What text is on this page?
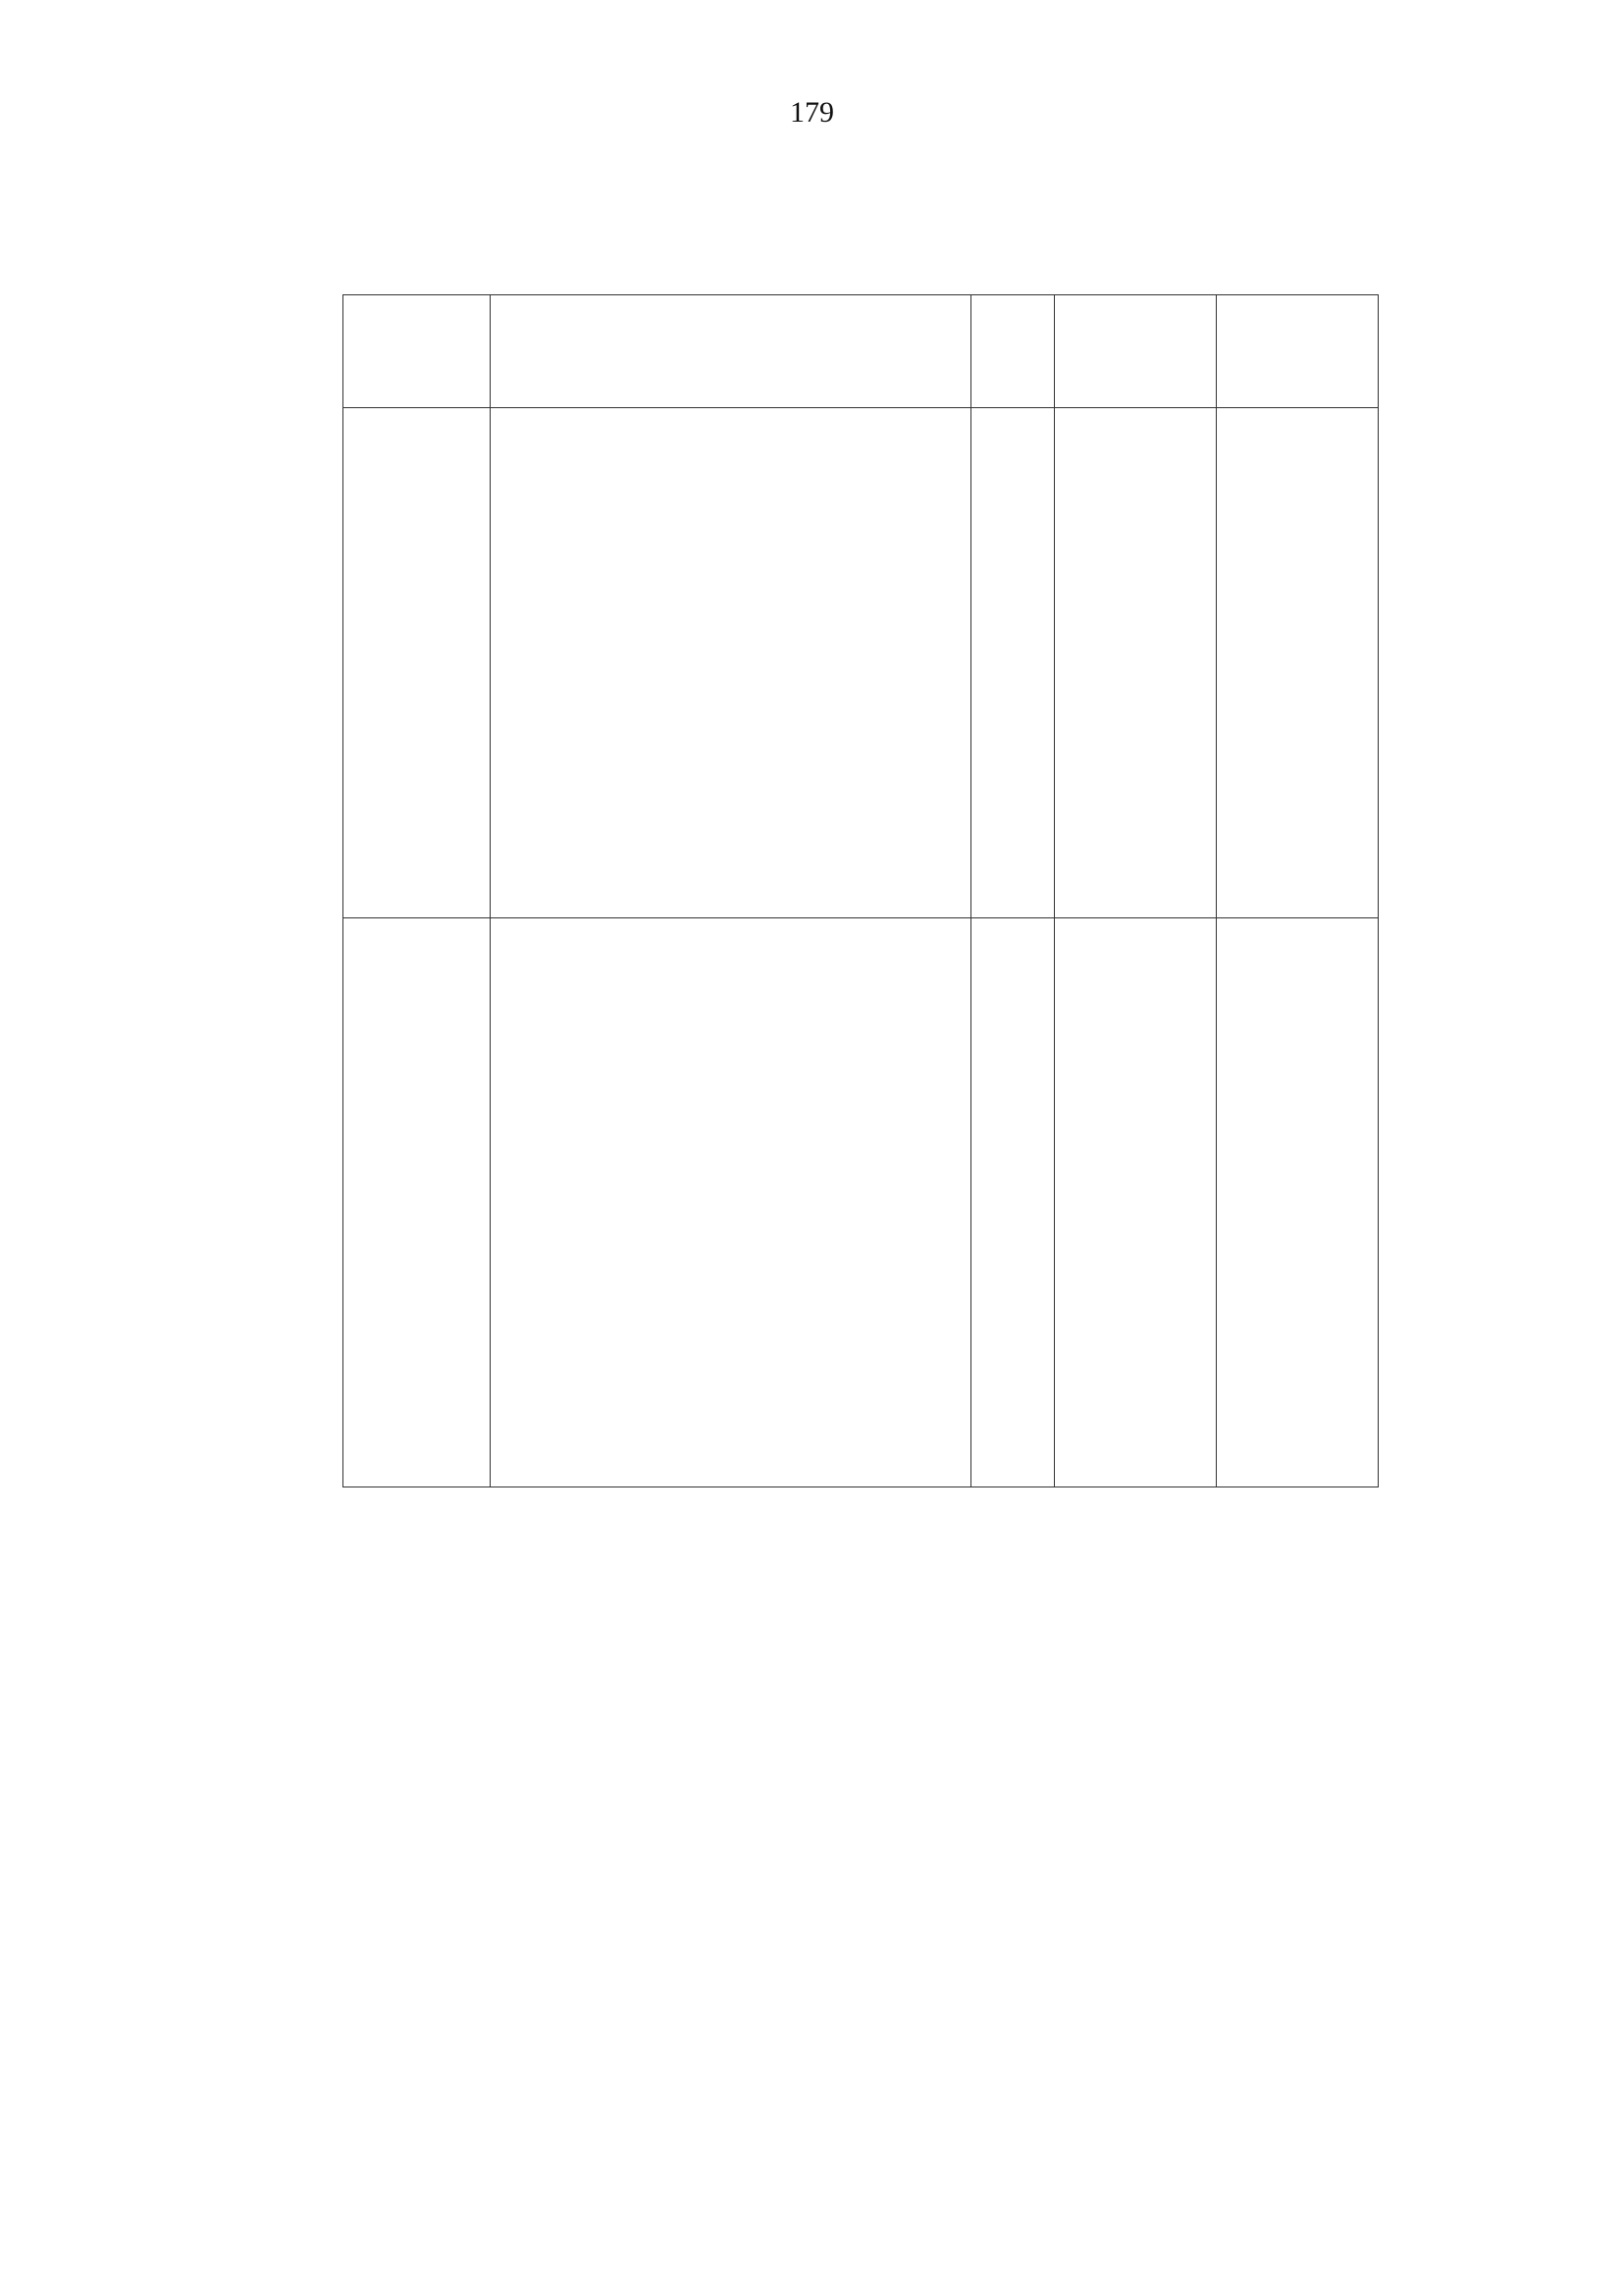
179
